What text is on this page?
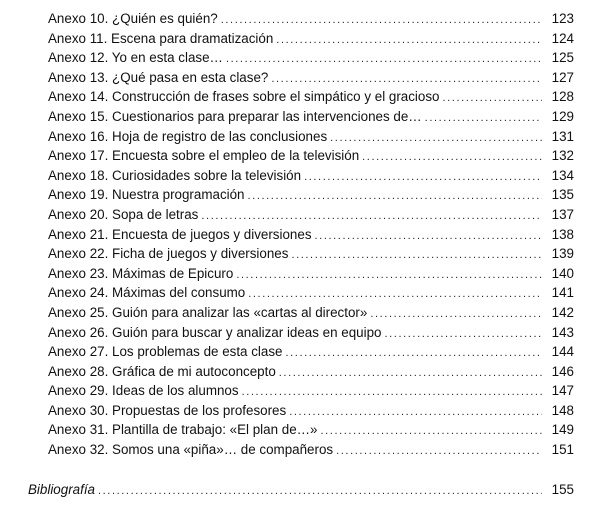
Anexo 10. ¿Quién es quién? .....	123
Anexo 11. Escena para dramatización .....	124
Anexo 12. Yo en esta clase… .....	125
Anexo 13. ¿Qué pasa en esta clase? .....	127
Anexo 14. Construcción de frases sobre el simpático y el gracioso .....	128
Anexo 15. Cuestionarios para preparar las intervenciones de… .....	129
Anexo 16. Hoja de registro de las conclusiones .....	131
Anexo 17. Encuesta sobre el empleo de la televisión .....	132
Anexo 18. Curiosidades sobre la televisión .....	134
Anexo 19. Nuestra programación .....	135
Anexo 20. Sopa de letras .....	137
Anexo 21. Encuesta de juegos y diversiones .....	138
Anexo 22. Ficha de juegos y diversiones .....	139
Anexo 23. Máximas de Epicuro .....	140
Anexo 24. Máximas del consumo .....	141
Anexo 25. Guión para analizar las «cartas al director» .....	142
Anexo 26. Guión para buscar y analizar ideas en equipo .....	143
Anexo 27. Los problemas de esta clase .....	144
Anexo 28. Gráfica de mi autoconcepto .....	146
Anexo 29. Ideas de los alumnos .....	147
Anexo 30. Propuestas de los profesores .....	148
Anexo 31. Plantilla de trabajo: «El plan de…» .....	149
Anexo 32. Somos una «piña»… de compañeros .....	151
Bibliografía .....	155
